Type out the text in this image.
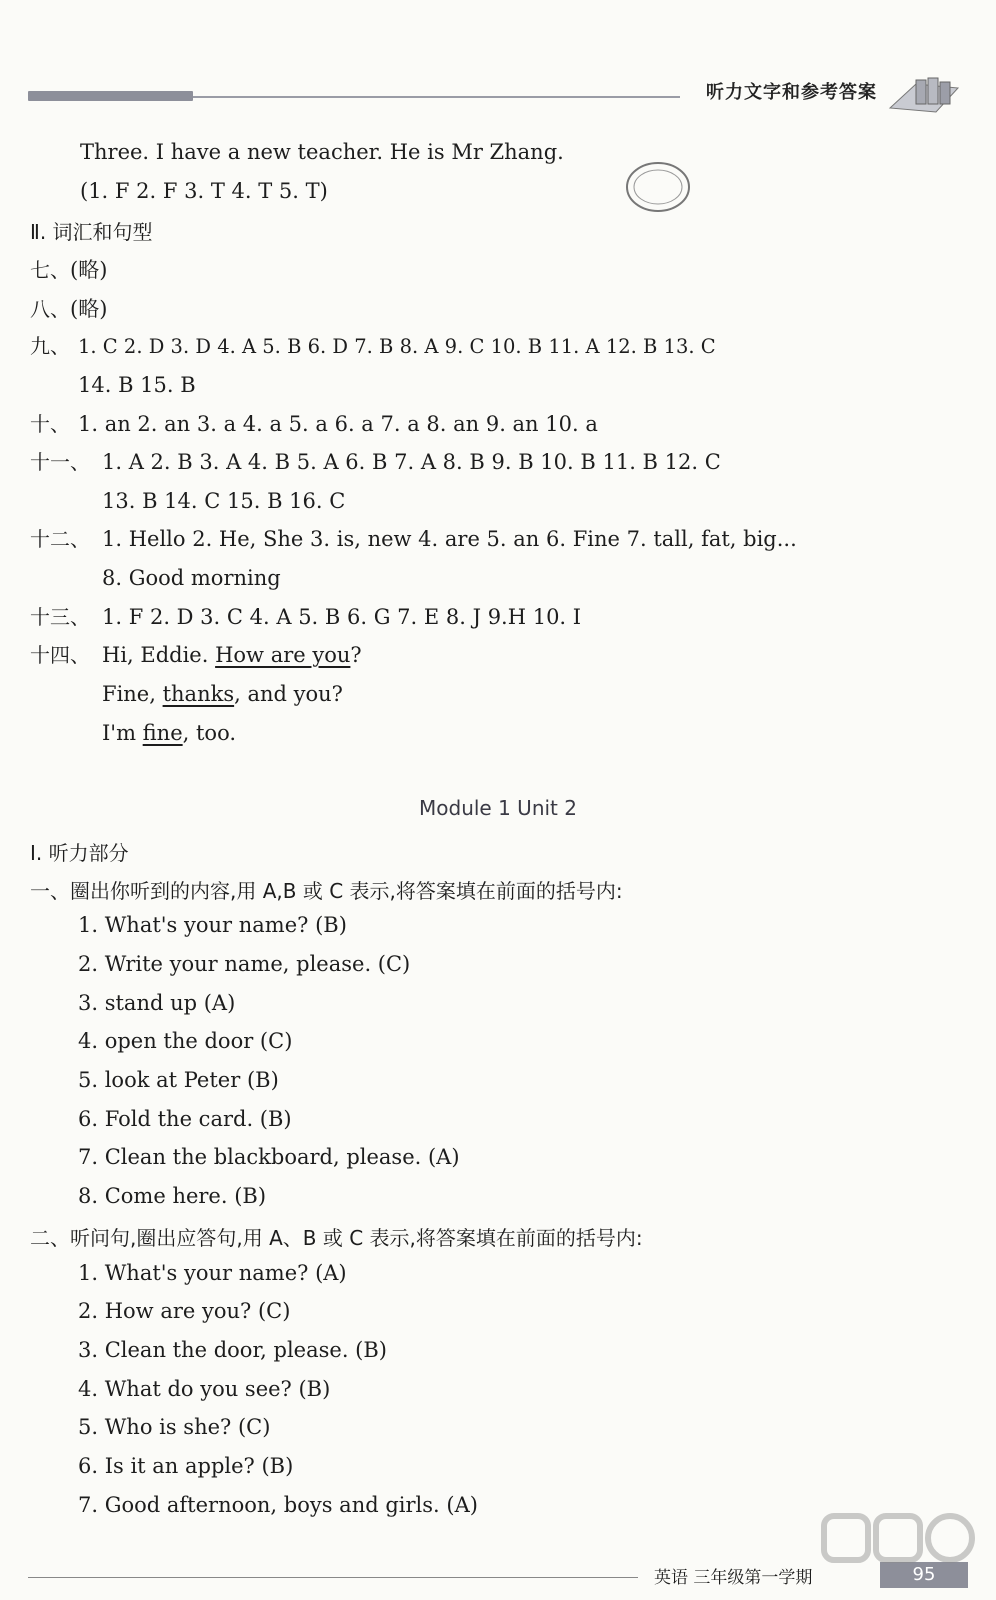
听力文字和参考答案
Three. I have a new teacher. He is Mr Zhang.
(1. F 2. F 3. T 4. T 5. T)
Ⅱ. 词汇和句型
七、(略)
八、(略)
九、 1. C 2. D 3. D 4. A 5. B 6. D 7. B 8. A 9. C 10. B 11. A 12. B 13. C
14. B 15. B
十、 1. an 2. an 3. a 4. a 5. a 6. a 7. a 8. an 9. an 10. a
十一、 1. A 2. B 3. A 4. B 5. A 6. B 7. A 8. B 9. B 10. B 11. B 12. C
13. B 14. C 15. B 16. C
十二、 1. Hello 2. He, She 3. is, new 4. are 5. an 6. Fine 7. tall, fat, big...
8. Good morning
十三、 1. F 2. D 3. C 4. A 5. B 6. G 7. E 8. J 9.H 10. I
十四、 Hi, Eddie. How are you?
Fine, thanks, and you?
I'm fine, too.
Module 1 Unit 2
Ⅰ. 听力部分
一、圈出你听到的内容,用 A,B 或 C 表示,将答案填在前面的括号内:
1. What's your name? (B)
2. Write your name, please. (C)
3. stand up (A)
4. open the door (C)
5. look at Peter (B)
6. Fold the card. (B)
7. Clean the blackboard, please. (A)
8. Come here. (B)
二、听问句,圈出应答句,用 A、B 或 C 表示,将答案填在前面的括号内:
1. What's your name? (A)
2. How are you? (C)
3. Clean the door, please. (B)
4. What do you see? (B)
5. Who is she? (C)
6. Is it an apple? (B)
7. Good afternoon, boys and girls. (A)
英语 三年级第一学期	95
